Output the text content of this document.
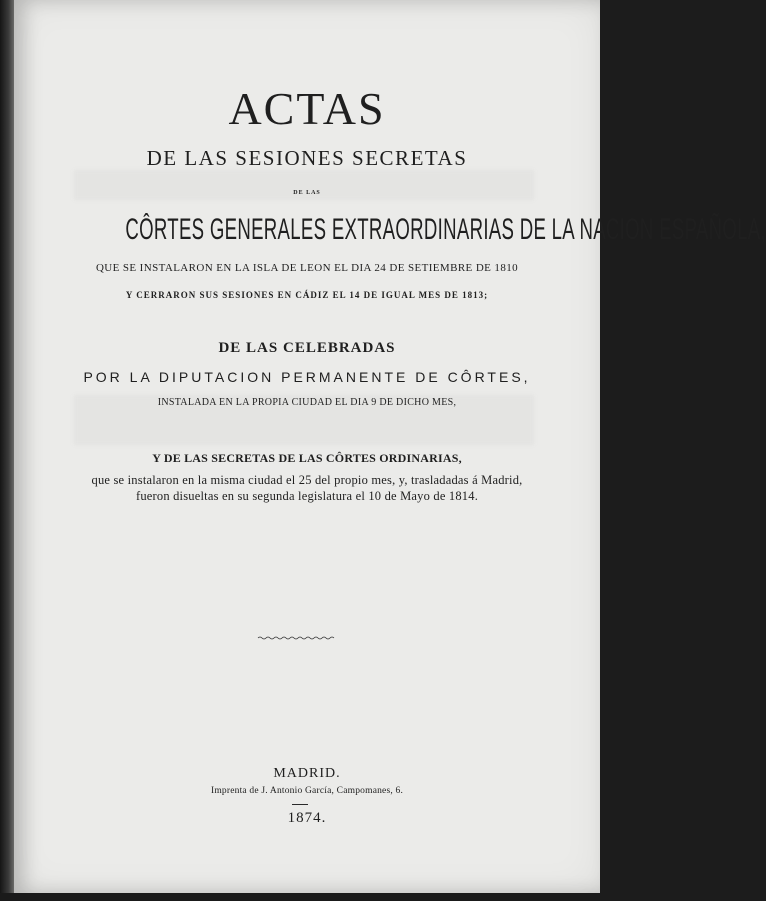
ACTAS
DE LAS SESIONES SECRETAS
DE LAS
CÔRTES GENERALES EXTRAORDINARIAS DE LA NACION ESPAÑOLA,
QUE SE INSTALARON EN LA ISLA DE LEON EL DIA 24 DE SETIEMBRE DE 1810
Y CERRARON SUS SESIONES EN CÁDIZ EL 14 DE IGUAL MES DE 1813;
DE LAS CELEBRADAS
POR LA DIPUTACION PERMANENTE DE CÔRTES,
INSTALADA EN LA PROPIA CIUDAD EL DIA 9 DE DICHO MES,
Y DE LAS SECRETAS DE LAS CÔRTES ORDINARIAS,
que se instalaron en la misma ciudad el 25 del propio mes, y, trasladadas á Madrid,
fueron disueltas en su segunda legislatura el 10 de Mayo de 1814.
MADRID.
Imprenta de J. Antonio García, Campomanes, 6.
1874.
